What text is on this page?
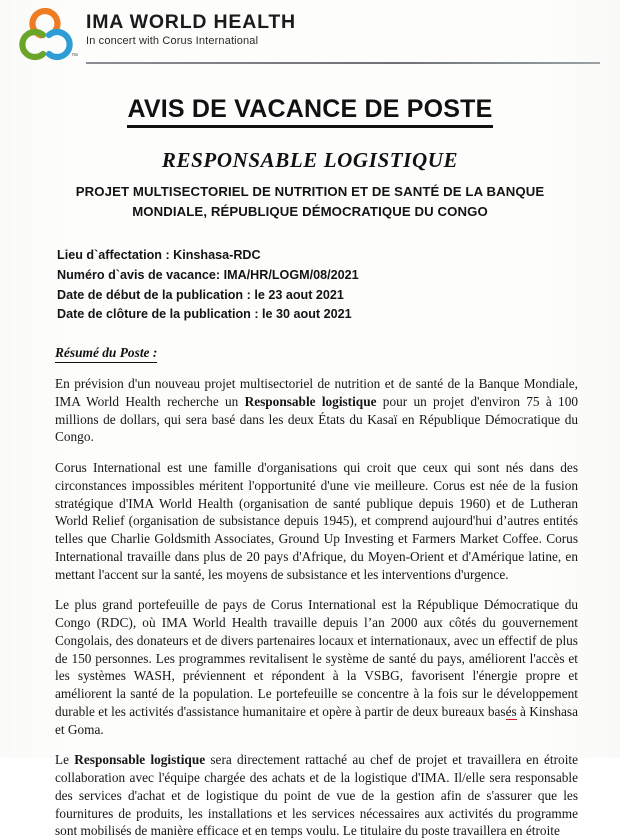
™
IMA WORLD HEALTH
In concert with Corus International
AVIS DE VACANCE DE POSTE
RESPONSABLE LOGISTIQUE
PROJET MULTISECTORIEL DE NUTRITION ET DE SANTÉ DE LA BANQUE
MONDIALE, RÉPUBLIQUE DÉMOCRATIQUE DU CONGO
Lieu d`affectation : Kinshasa-RDC
Numéro d`avis de vacance: IMA/HR/LOGM/08/2021
Date de début de la publication : le 23 aout 2021
Date de clôture de la publication : le 30 aout 2021
Résumé du Poste :

En prévision d'un nouveau projet multisectoriel de nutrition et de santé de la Banque Mondiale, IMA World Health recherche un Responsable logistique pour un projet d'environ 75 à 100 millions de dollars, qui sera basé dans les deux États du Kasaï en République Démocratique du Congo.

Corus International est une famille d'organisations qui croit que ceux qui sont nés dans des circonstances impossibles méritent l'opportunité d'une vie meilleure. Corus est née de la fusion stratégique d'IMA World Health (organisation de santé publique depuis 1960) et de Lutheran World Relief (organisation de subsistance depuis 1945), et comprend aujourd'hui d’autres entités telles que Charlie Goldsmith Associates, Ground Up Investing et Farmers Market Coffee. Corus International travaille dans plus de 20 pays d'Afrique, du Moyen-Orient et d'Amérique latine, en mettant l'accent sur la santé, les moyens de subsistance et les interventions d'urgence.

Le plus grand portefeuille de pays de Corus International est la République Démocratique du Congo (RDC), où IMA World Health travaille depuis l’an 2000 aux côtés du gouvernement Congolais, des donateurs et de divers partenaires locaux et internationaux, avec un effectif de plus de 150 personnes. Les programmes revitalisent le système de santé du pays, améliorent l'accès et les systèmes WASH, préviennent et répondent à la VSBG, favorisent l'énergie propre et améliorent la santé de la population. Le portefeuille se concentre à la fois sur le développement durable et les activités d'assistance humanitaire et opère à partir de deux bureaux basés à Kinshasa et Goma.

Le Responsable logistique sera directement rattaché au chef de projet et travaillera en étroite collaboration avec l'équipe chargée des achats et de la logistique d'IMA. Il/elle sera responsable des services d'achat et de logistique du point de vue de la gestion afin de s'assurer que les fournitures de produits, les installations et les services nécessaires aux activités du programme sont mobilisés de manière efficace et en temps voulu. Le titulaire du poste travaillera en étroite
